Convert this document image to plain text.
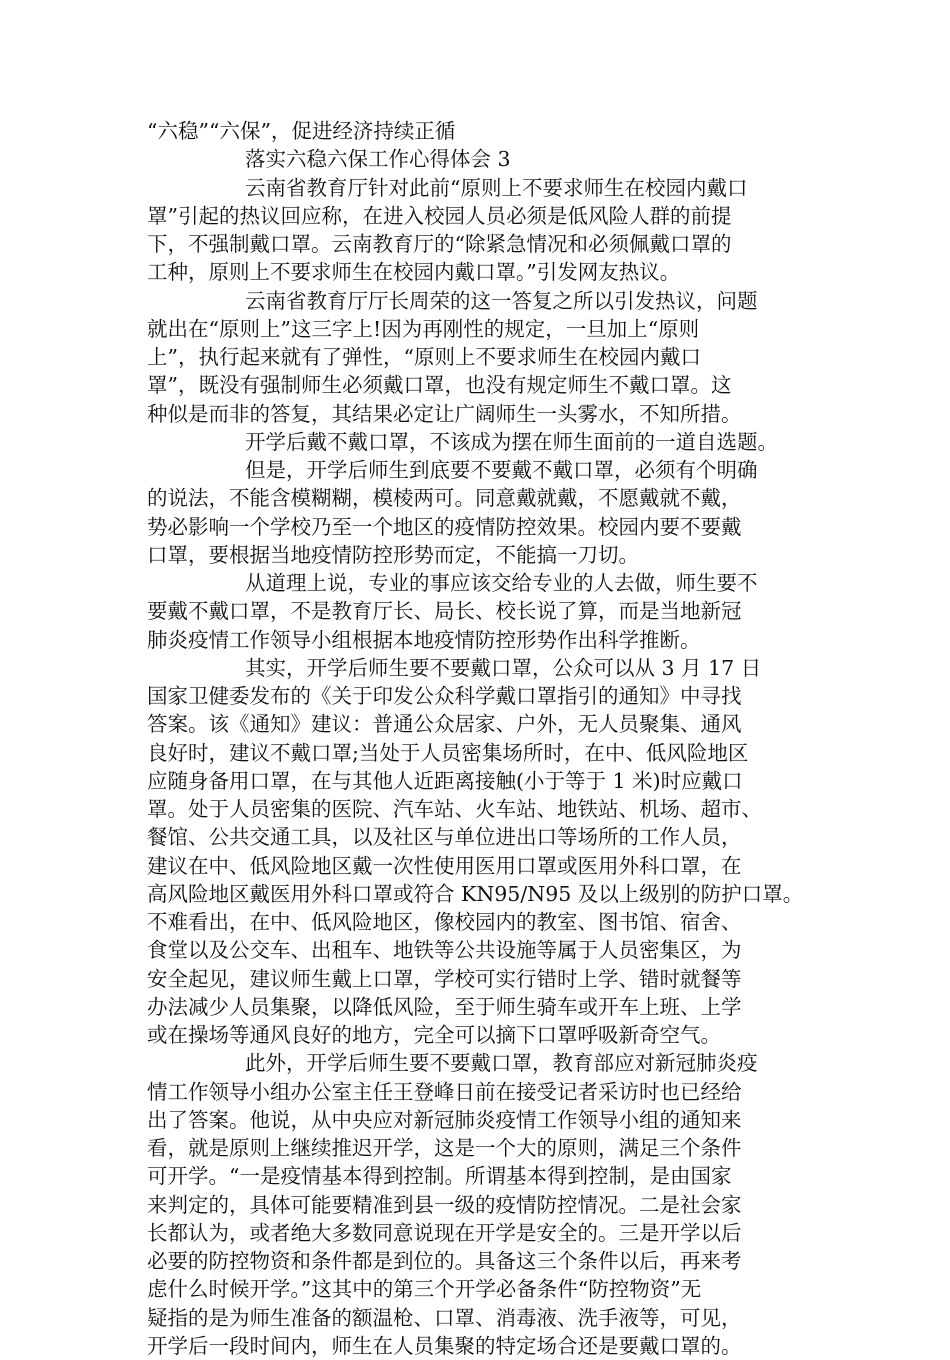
“六稳”“六保”，促进经济持续正循
落实六稳六保工作心得体会 3
云南省教育厅针对此前“原则上不要求师生在校园内戴口
罩”引起的热议回应称，在进入校园人员必须是低风险人群的前提
下，不强制戴口罩。云南教育厅的“除紧急情况和必须佩戴口罩的
工种，原则上不要求师生在校园内戴口罩。”引发网友热议。
云南省教育厅厅长周荣的这一答复之所以引发热议，问题
就出在“原则上”这三字上!因为再刚性的规定，一旦加上“原则
上”，执行起来就有了弹性，“原则上不要求师生在校园内戴口
罩”，既没有强制师生必须戴口罩，也没有规定师生不戴口罩。这
种似是而非的答复，其结果必定让广阔师生一头雾水，不知所措。
开学后戴不戴口罩，不该成为摆在师生面前的一道自选题。
但是，开学后师生到底要不要戴不戴口罩，必须有个明确
的说法，不能含模糊糊，模棱两可。同意戴就戴，不愿戴就不戴，
势必影响一个学校乃至一个地区的疫情防控效果。校园内要不要戴
口罩，要根据当地疫情防控形势而定，不能搞一刀切。
从道理上说，专业的事应该交给专业的人去做，师生要不
要戴不戴口罩，不是教育厅长、局长、校长说了算，而是当地新冠
肺炎疫情工作领导小组根据本地疫情防控形势作出科学推断。
其实，开学后师生要不要戴口罩，公众可以从 3 月 17 日
国家卫健委发布的《关于印发公众科学戴口罩指引的通知》中寻找
答案。该《通知》建议：普通公众居家、户外，无人员聚集、通风
良好时，建议不戴口罩;当处于人员密集场所时，在中、低风险地区
应随身备用口罩，在与其他人近距离接触(小于等于 1 米)时应戴口
罩。处于人员密集的医院、汽车站、火车站、地铁站、机场、超市、
餐馆、公共交通工具，以及社区与单位进出口等场所的工作人员，
建议在中、低风险地区戴一次性使用医用口罩或医用外科口罩，在
高风险地区戴医用外科口罩或符合 KN95/N95 及以上级别的防护口罩。
不难看出，在中、低风险地区，像校园内的教室、图书馆、宿舍、
食堂以及公交车、出租车、地铁等公共设施等属于人员密集区，为
安全起见，建议师生戴上口罩，学校可实行错时上学、错时就餐等
办法减少人员集聚，以降低风险，至于师生骑车或开车上班、上学
或在操场等通风良好的地方，完全可以摘下口罩呼吸新奇空气。
此外，开学后师生要不要戴口罩，教育部应对新冠肺炎疫
情工作领导小组办公室主任王登峰日前在接受记者采访时也已经给
出了答案。他说，从中央应对新冠肺炎疫情工作领导小组的通知来
看，就是原则上继续推迟开学，这是一个大的原则，满足三个条件
可开学。“一是疫情基本得到控制。所谓基本得到控制，是由国家
来判定的，具体可能要精准到县一级的疫情防控情况。二是社会家
长都认为，或者绝大多数同意说现在开学是安全的。三是开学以后
必要的防控物资和条件都是到位的。具备这三个条件以后，再来考
虑什么时候开学。”这其中的第三个开学必备条件“防控物资”无
疑指的是为师生准备的额温枪、口罩、消毒液、洗手液等，可见，
开学后一段时间内，师生在人员集聚的特定场合还是要戴口罩的。
